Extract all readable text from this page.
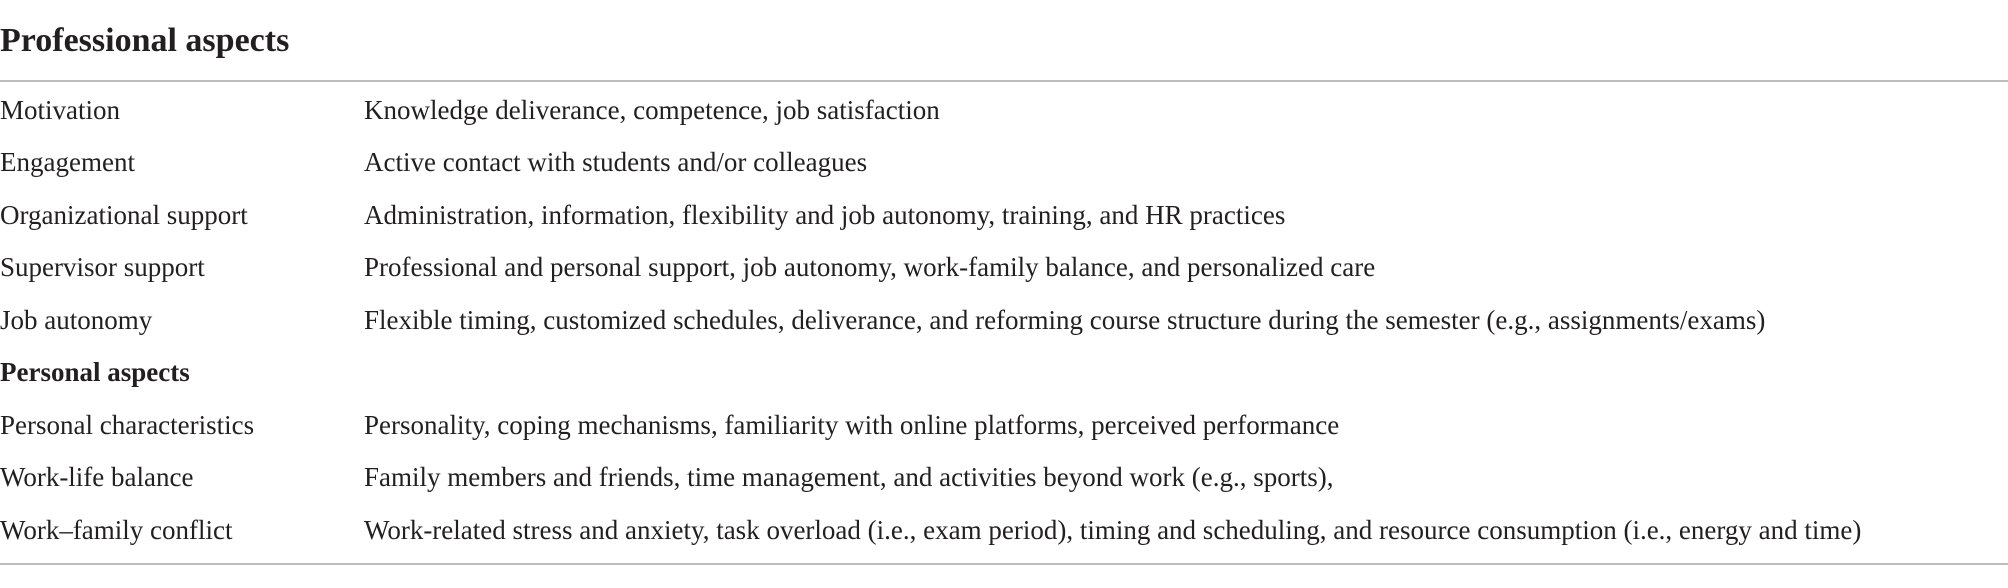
Professional aspects
Motivation	Knowledge deliverance, competence, job satisfaction
Engagement	Active contact with students and/or colleagues
Organizational support	Administration, information, flexibility and job autonomy, training, and HR practices
Supervisor support	Professional and personal support, job autonomy, work-family balance, and personalized care
Job autonomy	Flexible timing, customized schedules, deliverance, and reforming course structure during the semester (e.g., assignments/exams)
Personal aspects
Personal characteristics	Personality, coping mechanisms, familiarity with online platforms, perceived performance
Work-life balance	Family members and friends, time management, and activities beyond work (e.g., sports),
Work–family conflict	Work-related stress and anxiety, task overload (i.e., exam period), timing and scheduling, and resource consumption (i.e., energy and time)
